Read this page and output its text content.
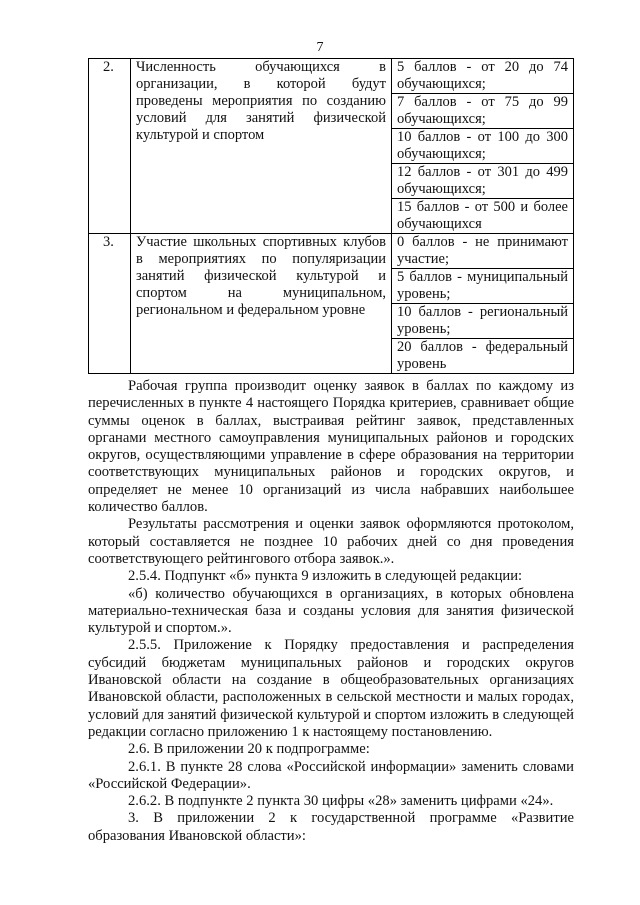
7
2.	Численность обучающихся в организации, в которой будут проведены мероприятия по созданию условий для занятий физической культурой и спортом	5 баллов - от 20 до 74 обучающихся;
7 баллов - от 75 до 99 обучающихся;
10 баллов - от 100 до 300 обучающихся;
12 баллов - от 301 до 499 обучающихся;
15 баллов - от 500 и более обучающихся

3.	Участие школьных спортивных клубов в мероприятиях по популяризации занятий физической культурой и спортом на муниципальном, региональном и федеральном уровне	0 баллов - не принимают участие;
5 баллов - муниципальный уровень;
10 баллов - региональный уровень;
20 баллов - федеральный уровень

Рабочая группа производит оценку заявок в баллах по каждому из перечисленных в пункте 4 настоящего Порядка критериев, сравнивает общие суммы оценок в баллах, выстраивая рейтинг заявок, представленных органами местного самоуправления муниципальных районов и городских округов, осуществляющими управление в сфере образования на территории соответствующих муниципальных районов и городских округов, и определяет не менее 10 организаций из числа набравших наибольшее количество баллов.

Результаты рассмотрения и оценки заявок оформляются протоколом, который составляется не позднее 10 рабочих дней со дня проведения соответствующего рейтингового отбора заявок.».

2.5.4. Подпункт «б» пункта 9 изложить в следующей редакции:

«б) количество обучающихся в организациях, в которых обновлена материально-техническая база и созданы условия для занятия физической культурой и спортом.».

2.5.5. Приложение к Порядку предоставления и распределения субсидий бюджетам муниципальных районов и городских округов Ивановской области на создание в общеобразовательных организациях Ивановской области, расположенных в сельской местности и малых городах, условий для занятий физической культурой и спортом изложить в следующей редакции согласно приложению 1 к настоящему постановлению.

2.6. В приложении 20 к подпрограмме:

2.6.1. В пункте 28 слова «Российской информации» заменить словами «Российской Федерации».

2.6.2. В подпункте 2 пункта 30 цифры «28» заменить цифрами «24».

3. В приложении 2 к государственной программе «Развитие образования Ивановской области»:
